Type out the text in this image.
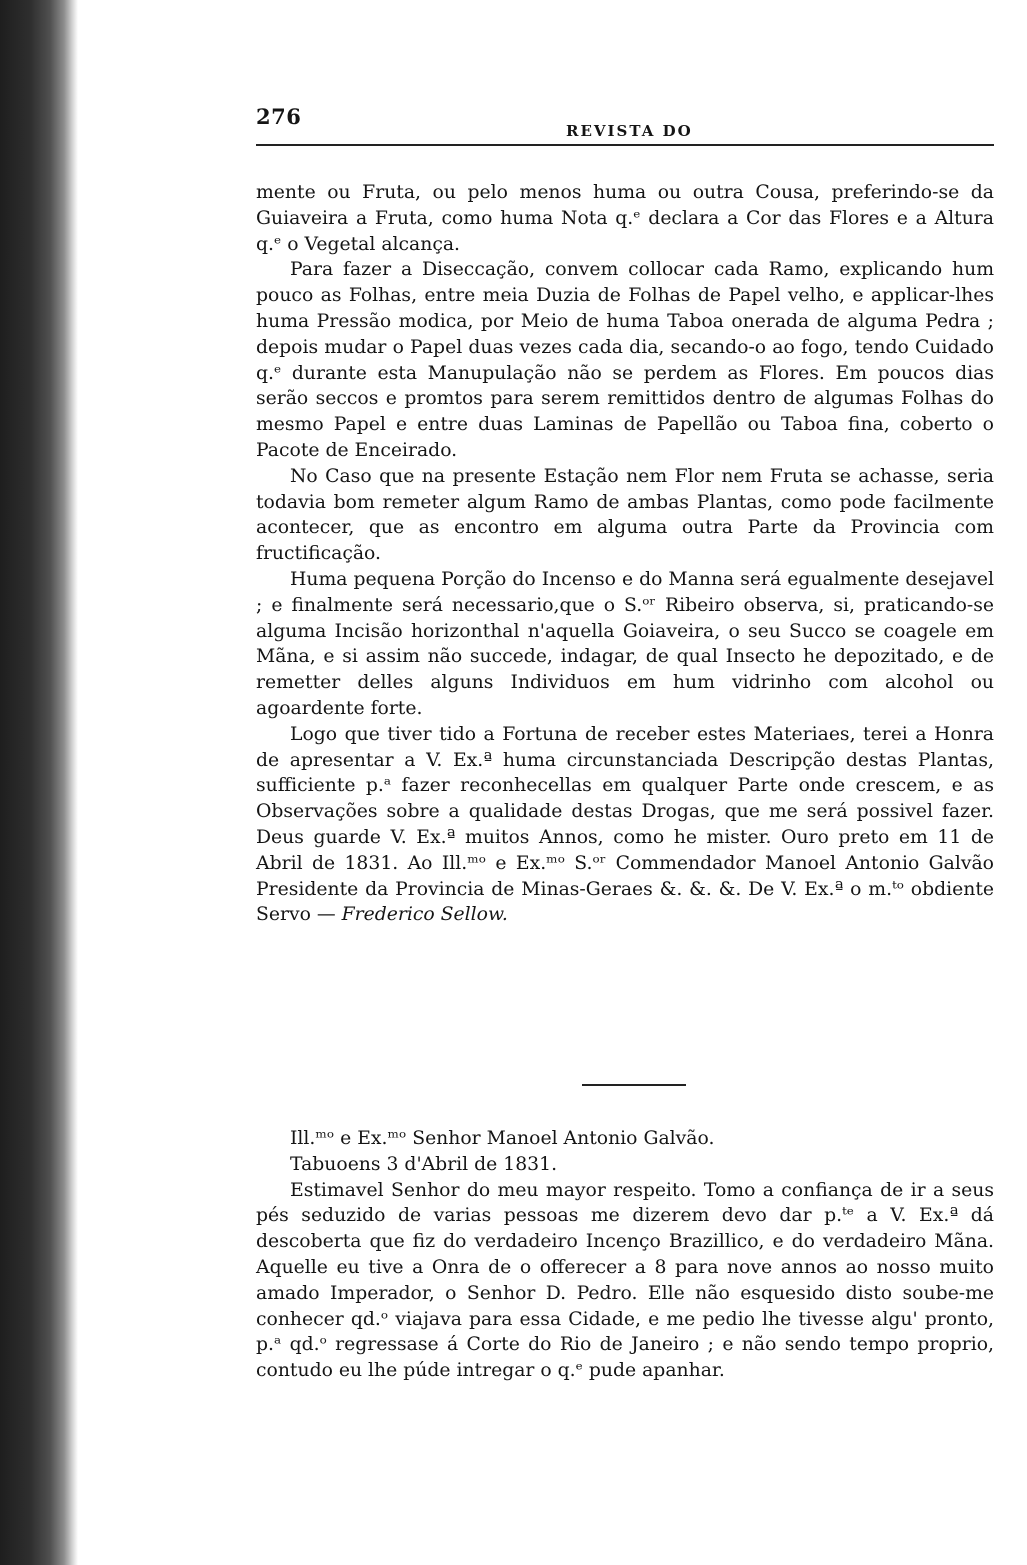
276
REVISTA DO

mente ou Fruta, ou pelo menos huma ou outra Cousa, preferindo-se da Guiaveira a Fruta, como huma Nota q.ᵉ declara a Cor das Flores e a Altura q.ᵉ o Vegetal alcança.

Para fazer a Diseccação, convem collocar cada Ramo, explicando hum pouco as Folhas, entre meia Duzia de Folhas de Papel velho, e applicar-lhes huma Pressão modica, por Meio de huma Taboa onerada de alguma Pedra ; depois mudar o Papel duas vezes cada dia, secando-o ao fogo, tendo Cuidado q.ᵉ durante esta Manupulação não se perdem as Flores. Em poucos dias serão seccos e promtos para serem remittidos dentro de algumas Folhas do mesmo Papel e entre duas Laminas de Papellão ou Taboa fina, coberto o Pacote de Enceirado.

No Caso que na presente Estação nem Flor nem Fruta se achasse, seria todavia bom remeter algum Ramo de ambas Plantas, como pode facilmente acontecer, que as encontro em alguma outra Parte da Provincia com fructificação.

Huma pequena Porção do Incenso e do Manna será egualmente desejavel ; e finalmente será necessario,que o S.ᵒʳ Ribeiro observa, si, praticando-se alguma Incisão horizonthal n'aquella Goiaveira, o seu Succo se coagele em Mãna, e si assim não succede, indagar, de qual Insecto he depozitado, e de remetter delles alguns Individuos em hum vidrinho com alcohol ou agoardente forte.

Logo que tiver tido a Fortuna de receber estes Materiaes, terei a Honra de apresentar a V. Ex.ª huma circunstanciada Descripção destas Plantas, sufficiente p.ᵃ fazer reconhecellas em qualquer Parte onde crescem, e as Observações sobre a qualidade destas Drogas, que me será possivel fazer. Deus guarde V. Ex.ª muitos Annos, como he mister. Ouro preto em 11 de Abril de 1831. Ao Ill.ᵐᵒ e Ex.ᵐᵒ S.ᵒʳ Commendador Manoel Antonio Galvão Presidente da Provincia de Minas-Geraes &. &. &. De V. Ex.ª o m.ᵗᵒ obdiente Servo — Frederico Sellow.

Ill.ᵐᵒ e Ex.ᵐᵒ Senhor Manoel Antonio Galvão.

Tabuoens 3 d'Abril de 1831.

Estimavel Senhor do meu mayor respeito. Tomo a confiança de ir a seus pés seduzido de varias pessoas me dizerem devo dar p.ᵗᵉ a V. Ex.ª dá descoberta que fiz do verdadeiro Incenço Brazillico, e do verdadeiro Mãna. Aquelle eu tive a Onra de o offerecer a 8 para nove annos ao nosso muito amado Imperador, o Senhor D. Pedro. Elle não esquesido disto soube-me conhecer qd.ᵒ viajava para essa Cidade, e me pedio lhe tivesse algu' pronto, p.ᵃ qd.ᵒ regressase á Corte do Rio de Janeiro ; e não sendo tempo proprio, contudo eu lhe púde intregar o q.ᵉ pude apanhar.
